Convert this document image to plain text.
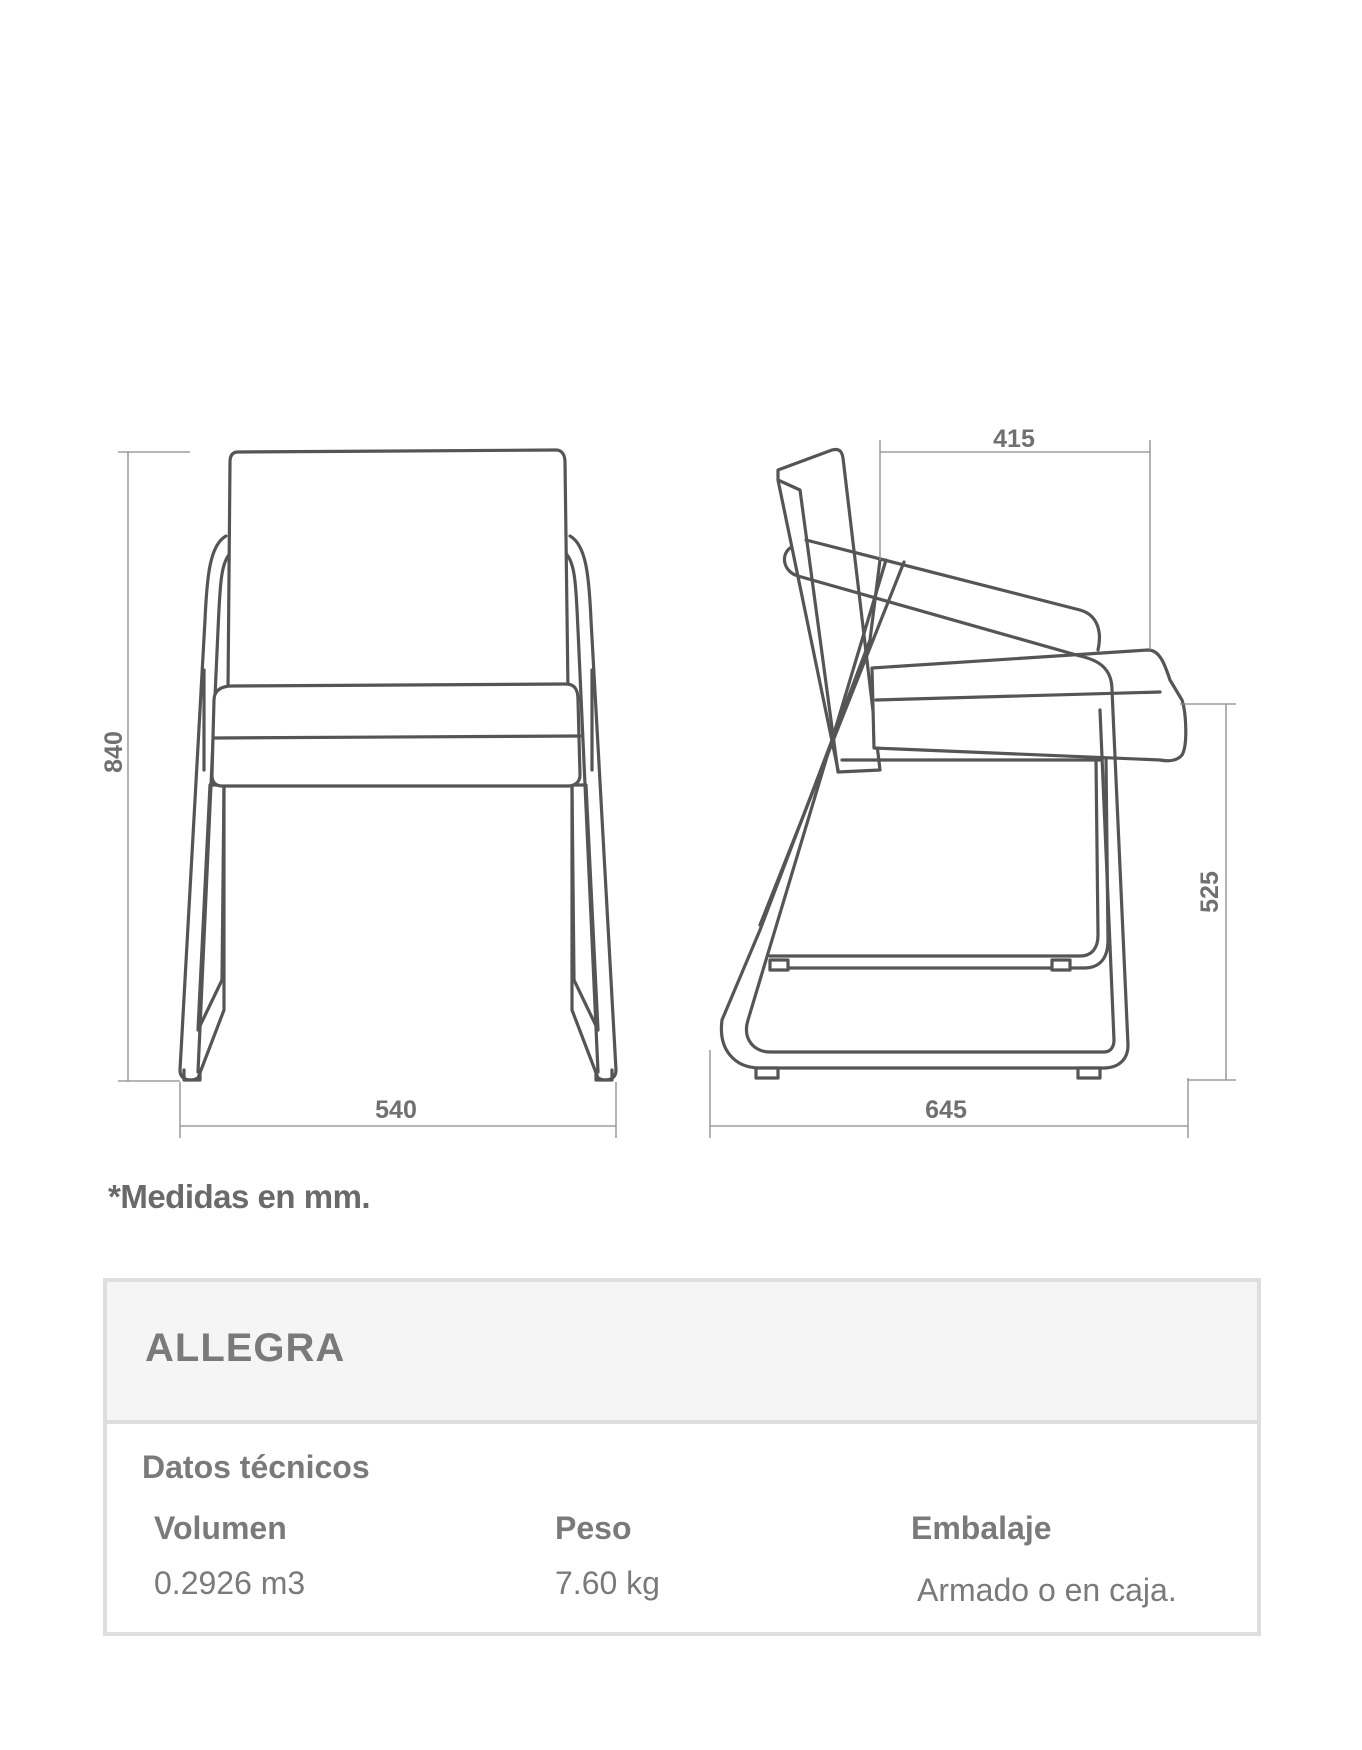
840
540	645
415
525
*Medidas en mm.
ALLEGRA
Datos técnicos
Volumen
0.2926 m3
Peso
7.60 kg
Embalaje
Armado o en caja.
